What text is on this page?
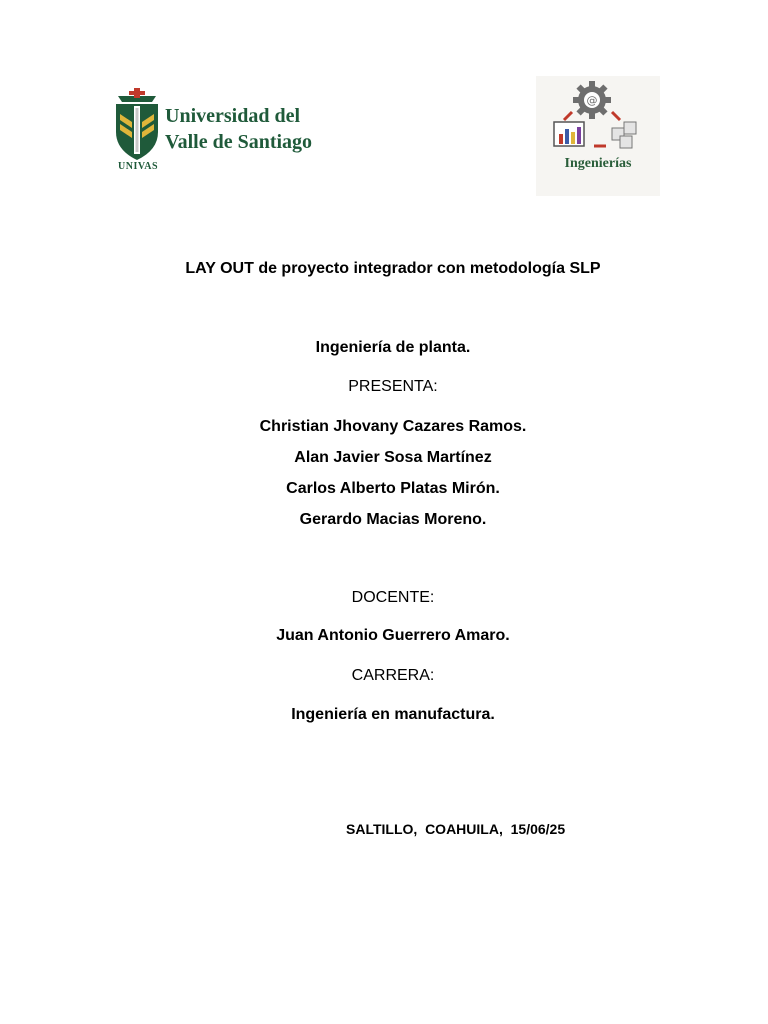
Universidad del
Valle de Santiago
UNIVAS
@
Ingenierías
LAY OUT de proyecto integrador con metodología SLP
Ingeniería de planta.
PRESENTA:
Christian Jhovany Cazares Ramos.
Alan Javier Sosa Martínez
Carlos Alberto Platas Mirón.
Gerardo Macias Moreno.
DOCENTE:
Juan Antonio Guerrero Amaro.
CARRERA:
Ingeniería en manufactura.
SALTILLO,  COAHUILA,  15/06/25
